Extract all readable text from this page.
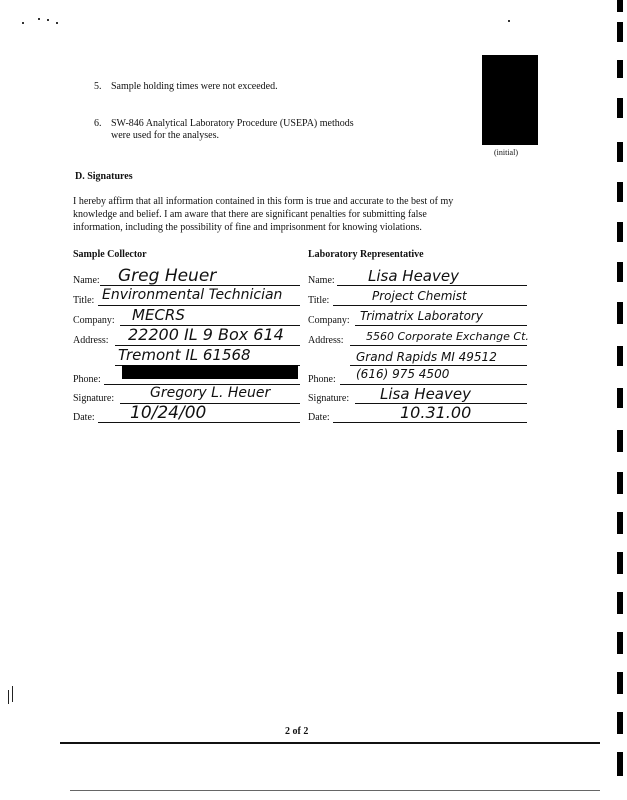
5. Sample holding times were not exceeded.
6. SW-846 Analytical Laboratory Procedure (USEPA) methods
were used for the analyses.
(initial)
D. Signatures
I hereby affirm that all information contained in this form is true and accurate to the best of my
knowledge and belief. I am aware that there are significant penalties for submitting false
information, including the possibility of fine and imprisonment for knowing violations.
Sample Collector
Name: Greg Heuer
Title: Environmental Technician
Company: MECRS
Address: 22200 IL 9 Box 614
Tremont IL 61568
Phone:
Signature:	Gregory L. Heuer
Date: 10/24/00
Laboratory Representative
Name: Lisa Heavey
Title:	Project Chemist
Company: Trimatrix Laboratory
Address: 5560 Corporate Exchange Ct.
Grand Rapids MI 49512
Phone: (616) 975 4500
Signature: Lisa Heavey
Date:	10.31.00
2 of 2
